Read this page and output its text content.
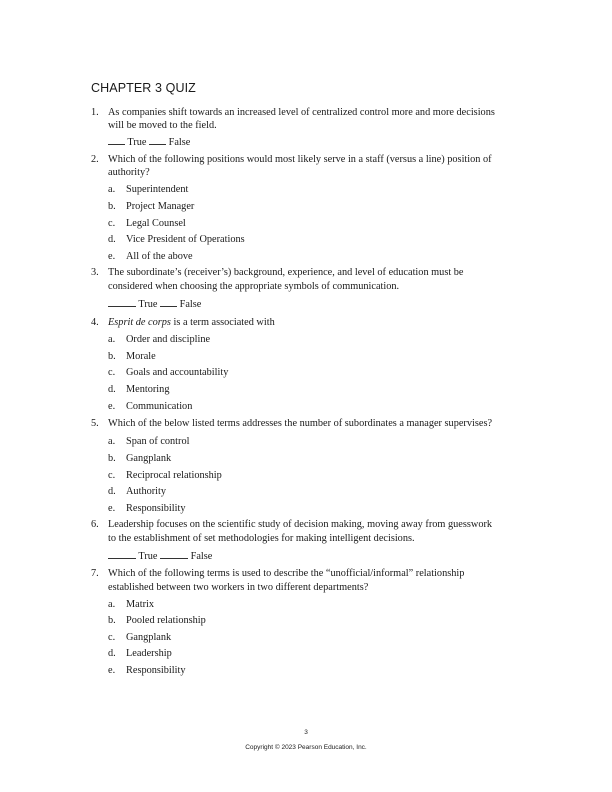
CHAPTER 3 QUIZ
1. As companies shift towards an increased level of centralized control more and more decisions
will be moved to the field.
True False
2. Which of the following positions would most likely serve in a staff (versus a line) position of
authority?
a. Superintendent
b. Project Manager
c. Legal Counsel
d. Vice President of Operations
e. All of the above
3. The subordinate’s (receiver’s) background, experience, and level of education must be
considered when choosing the appropriate symbols of communication.
True False
4. Esprit de corps is a term associated with
a. Order and discipline
b. Morale
c. Goals and accountability
d. Mentoring
e. Communication
5. Which of the below listed terms addresses the number of subordinates a manager supervises?
a. Span of control
b. Gangplank
c. Reciprocal relationship
d. Authority
e. Responsibility
6. Leadership focuses on the scientific study of decision making, moving away from guesswork
to the establishment of set methodologies for making intelligent decisions.
True	False
7. Which of the following terms is used to describe the “unofficial/informal” relationship
established between two workers in two different departments?
a. Matrix
b. Pooled relationship
c. Gangplank
d. Leadership
e. Responsibility
3
Copyright © 2023 Pearson Education, Inc.
